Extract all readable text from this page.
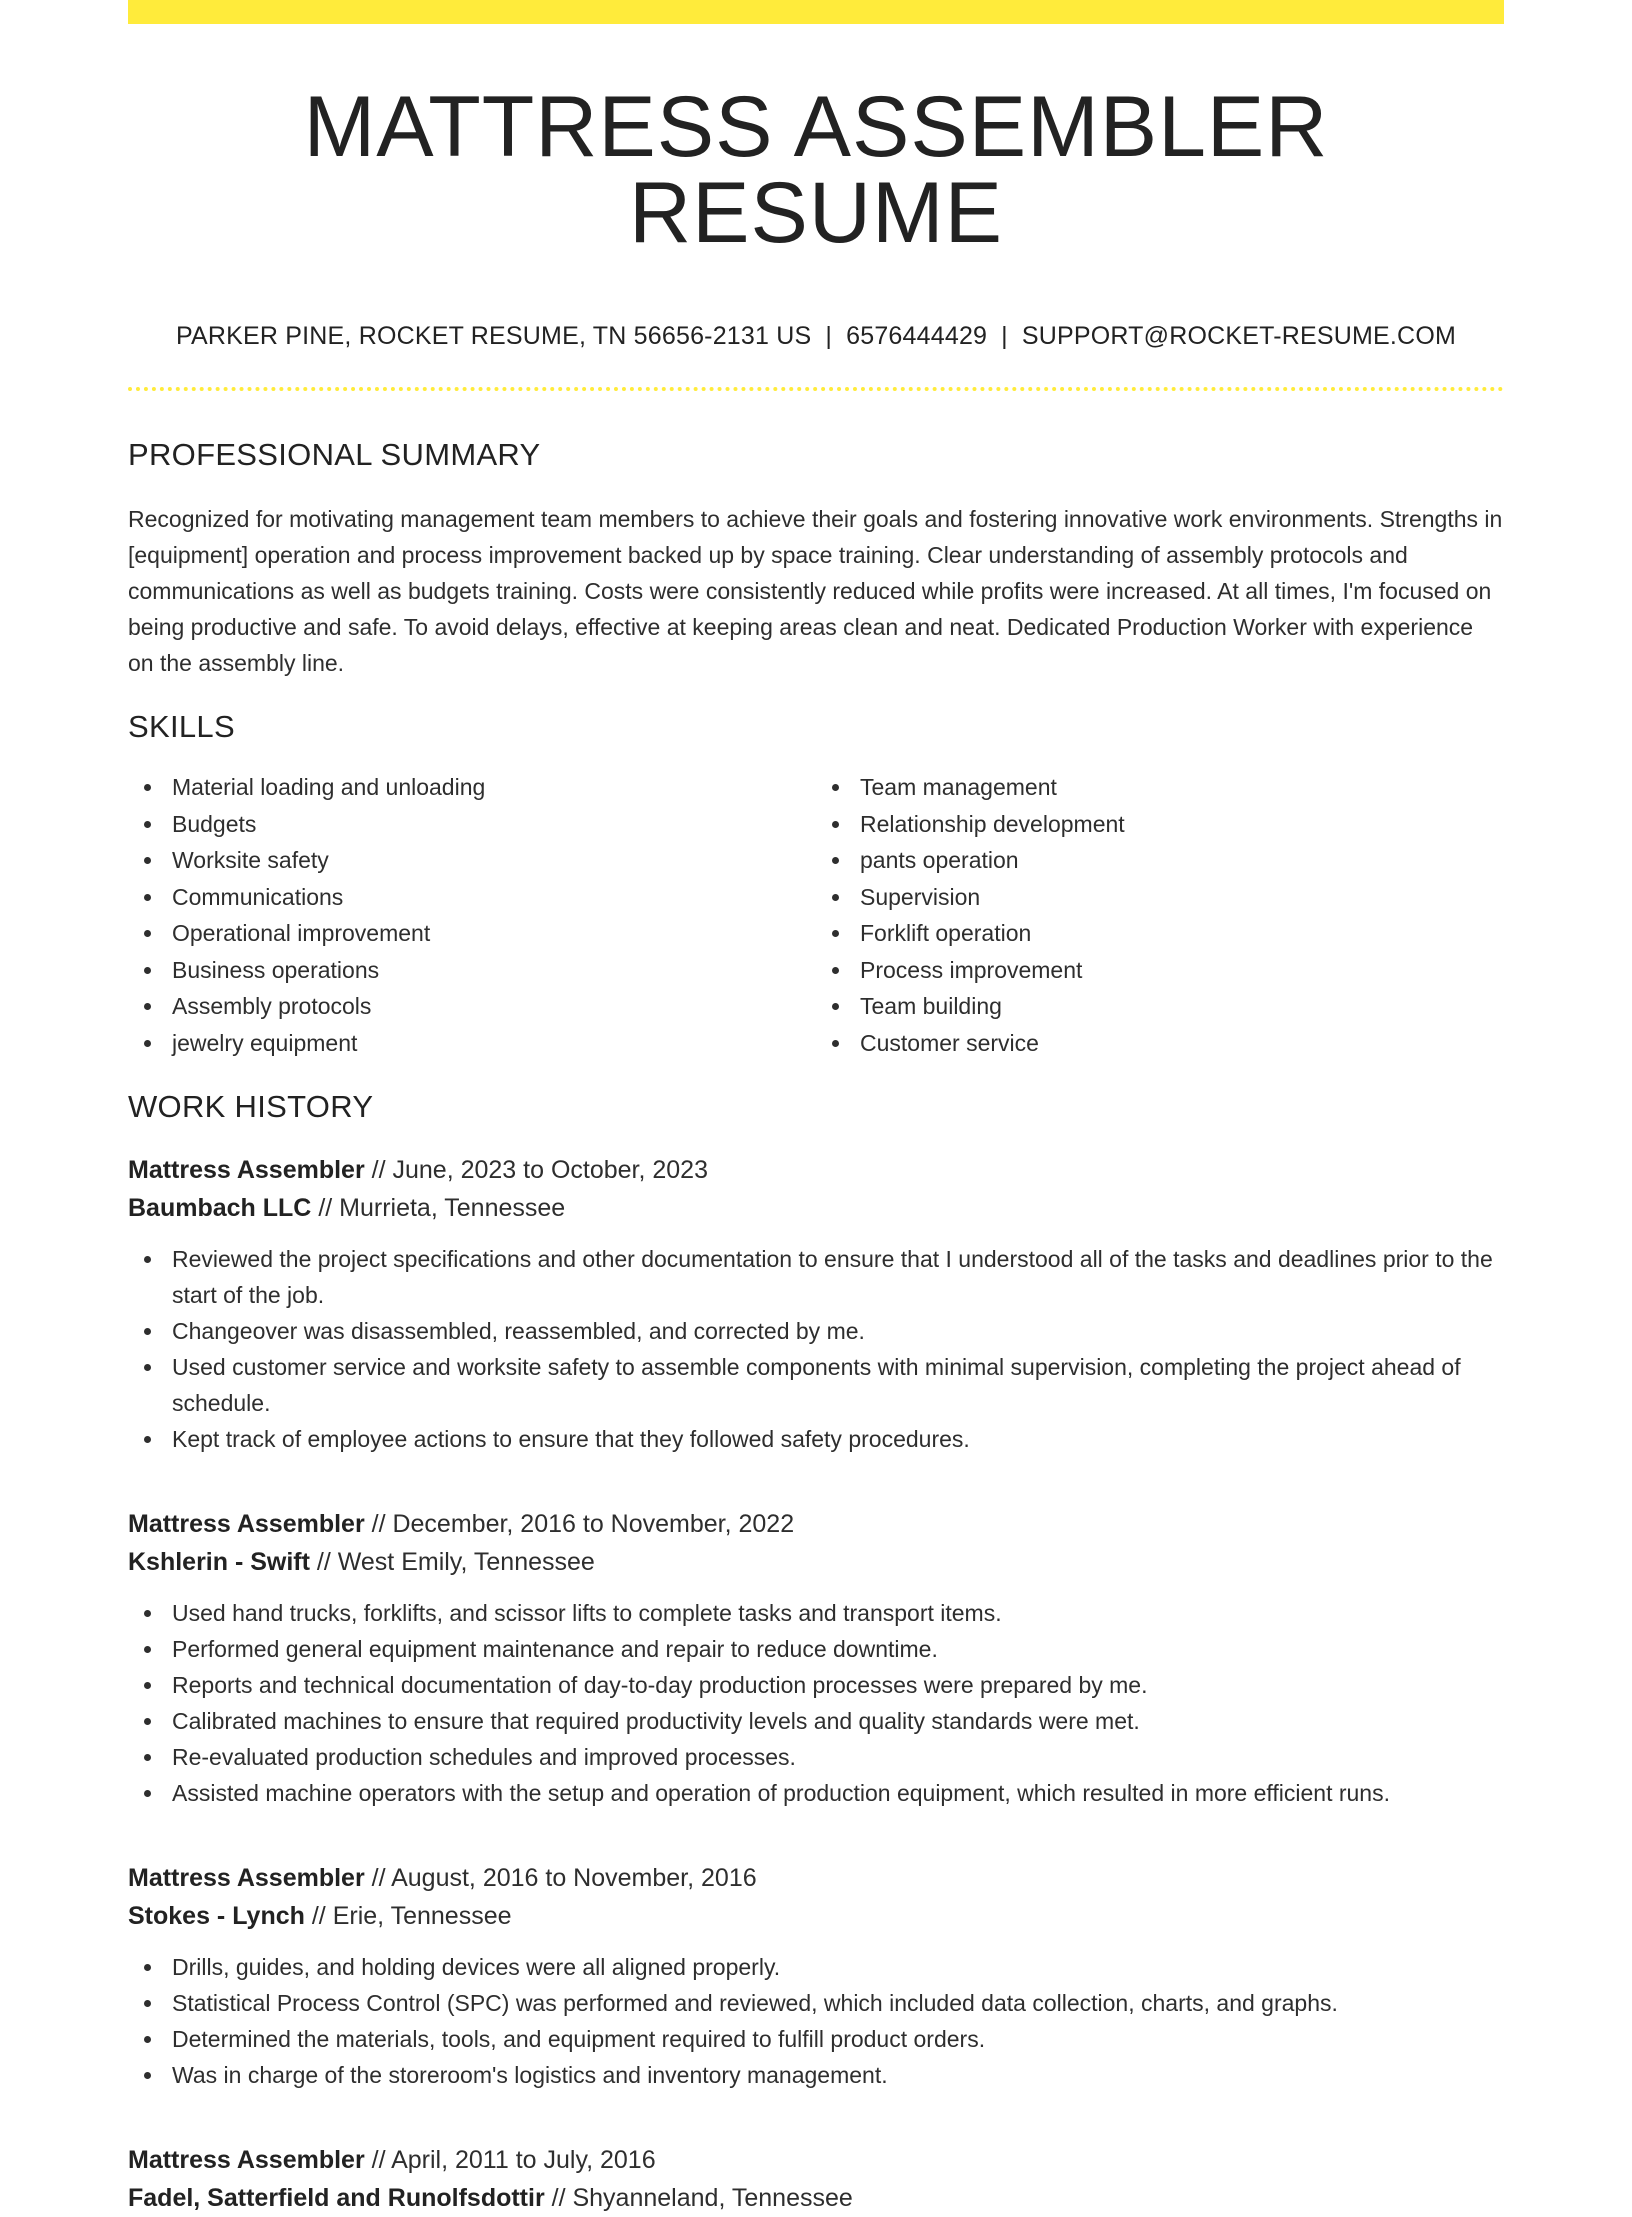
MATTRESS ASSEMBLER RESUME
PARKER PINE, ROCKET RESUME, TN 56656-2131 US | 6576444429 | SUPPORT@ROCKET-RESUME.COM
PROFESSIONAL SUMMARY

Recognized for motivating management team members to achieve their goals and fostering innovative work environments. Strengths in [equipment] operation and process improvement backed up by space training. Clear understanding of assembly protocols and communications as well as budgets training. Costs were consistently reduced while profits were increased. At all times, I'm focused on being productive and safe. To avoid delays, effective at keeping areas clean and neat. Dedicated Production Worker with experience on the assembly line.

SKILLS
Material loading and unloading
Budgets
Worksite safety
Communications
Operational improvement
Business operations
Assembly protocols
jewelry equipment
Team management
Relationship development
pants operation
Supervision
Forklift operation
Process improvement
Team building
Customer service
WORK HISTORY
Mattress Assembler // June, 2023 to October, 2023
Baumbach LLC // Murrieta, Tennessee
Reviewed the project specifications and other documentation to ensure that I understood all of the tasks and deadlines prior to the start of the job.
Changeover was disassembled, reassembled, and corrected by me.
Used customer service and worksite safety to assemble components with minimal supervision, completing the project ahead of schedule.
Kept track of employee actions to ensure that they followed safety procedures.
Mattress Assembler // December, 2016 to November, 2022
Kshlerin - Swift // West Emily, Tennessee
Used hand trucks, forklifts, and scissor lifts to complete tasks and transport items.
Performed general equipment maintenance and repair to reduce downtime.
Reports and technical documentation of day-to-day production processes were prepared by me.
Calibrated machines to ensure that required productivity levels and quality standards were met.
Re-evaluated production schedules and improved processes.
Assisted machine operators with the setup and operation of production equipment, which resulted in more efficient runs.
Mattress Assembler // August, 2016 to November, 2016
Stokes - Lynch // Erie, Tennessee
Drills, guides, and holding devices were all aligned properly.
Statistical Process Control (SPC) was performed and reviewed, which included data collection, charts, and graphs.
Determined the materials, tools, and equipment required to fulfill product orders.
Was in charge of the storeroom's logistics and inventory management.
Mattress Assembler // April, 2011 to July, 2016
Fadel, Satterfield and Runolfsdottir // Shyanneland, Tennessee
